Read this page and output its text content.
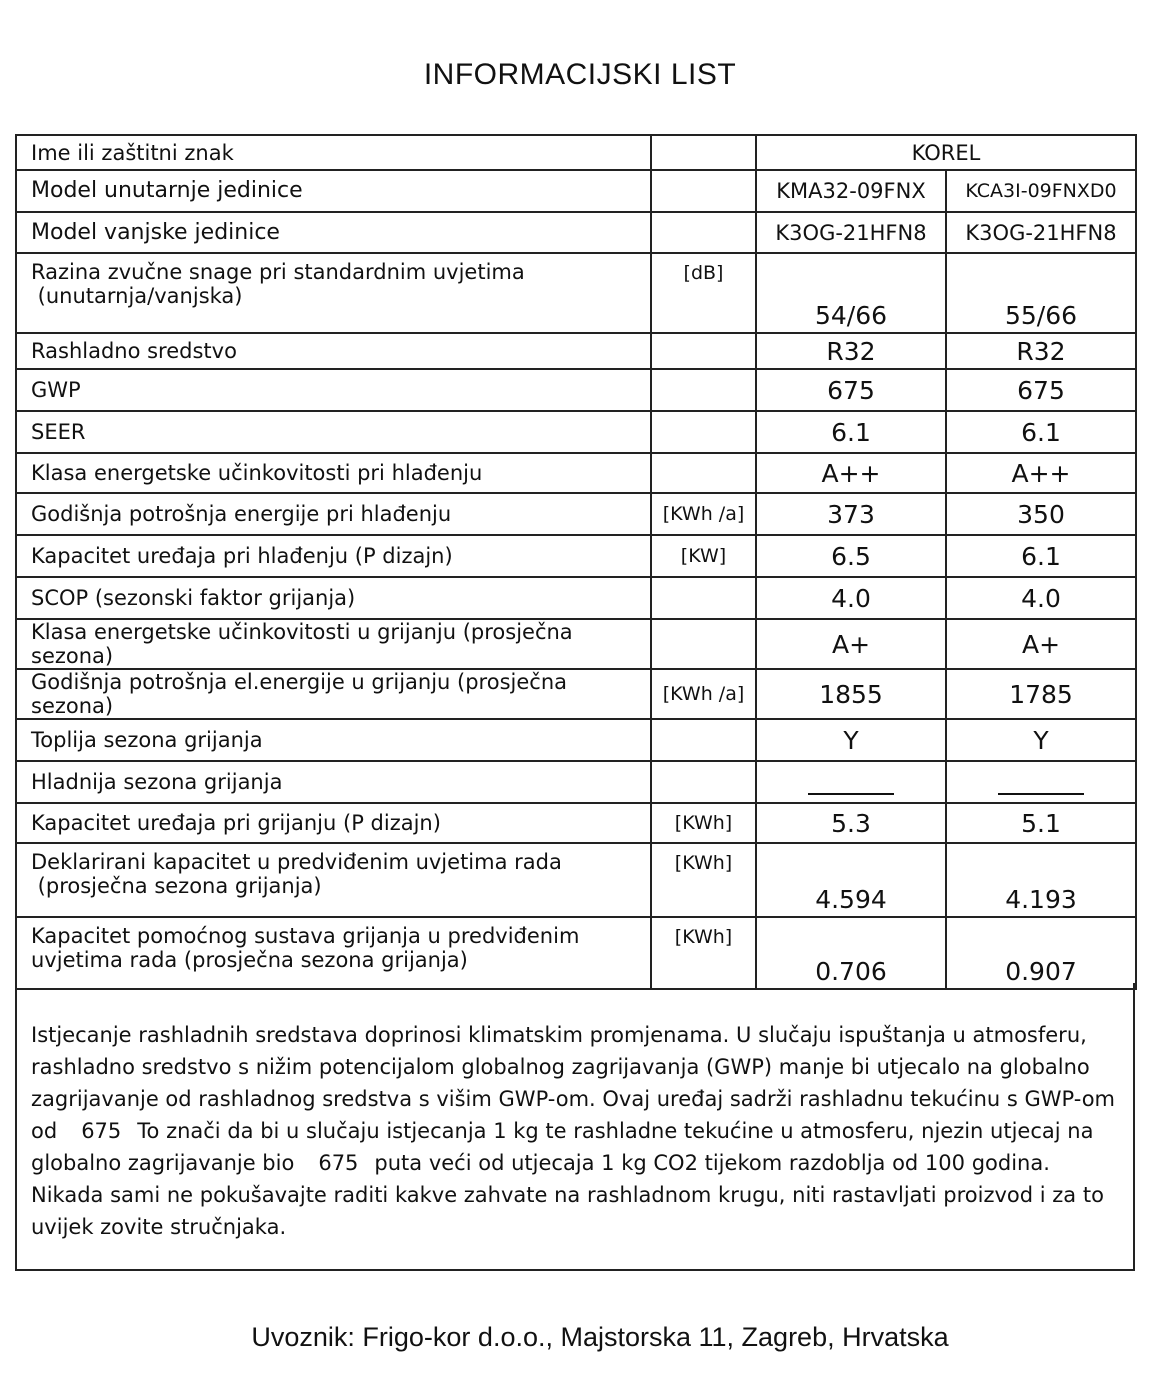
INFORMACIJSKI LIST
Ime ili zaštitni znak		KOREL	
Model unutarnje jedinice		KMA32-09FNX	KCA3I-09FNXD0
Model vanjske jedinice		K3OG-21HFN8	K3OG-21HFN8

Razina zvučne snage pri standardnim uvjetima
(unutarnja/vanjska)	[dB]	54/66	55/66

Rashladno sredstvo		R32	R32

GWP		675	675

SEER		6.1	6.1

Klasa energetske učinkovitosti pri hlađenju		A++	A++

Godišnja potrošnja energije pri hlađenju	[KWh /a]	373	350

Kapacitet uređaja pri hlađenju (P dizajn)	[KW]	6.5	6.1

SCOP (sezonski faktor grijanja)		4.0	4.0

Klasa energetske učinkovitosti u grijanju (prosječna sezona)		A+	A+

Godišnja potrošnja el.energije u grijanju (prosječna sezona)	[KWh /a]	1855	1785

Toplija sezona grijanja		Y	Y

Hladnija sezona grijanja			

Kapacitet uređaja pri grijanju (P dizajn)	[KWh]	5.3	5.1

Deklarirani kapacitet u predviđenim uvjetima rada
(prosječna sezona grijanja)	[KWh]	4.594	4.193

Kapacitet pomoćnog sustava grijanja u predviđenim
uvjetima rada (prosječna sezona grijanja)	[KWh]	0.706	0.907

Istjecanje rashladnih sredstava doprinosi klimatskim promjenama. U slučaju ispuštanja u atmosferu, rashladno sredstvo s nižim potencijalom globalnog zagrijavanja (GWP) manje bi utjecalo na globalno zagrijavanje od rashladnog sredstva s višim GWP-om. Ovaj uređaj sadrži rashladnu tekućinu s GWP-om od 675 To znači da bi u slučaju istjecanja 1 kg te rashladne tekućine u atmosferu, njezin utjecaj na globalno zagrijavanje bio 675 puta veći od utjecaja 1 kg CO2 tijekom razdoblja od 100 godina. Nikada sami ne pokušavajte raditi kakve zahvate na rashladnom krugu, niti rastavljati proizvod i za to uvijek zovite stručnjaka.

Uvoznik: Frigo-kor d.o.o., Majstorska 11, Zagreb, Hrvatska
